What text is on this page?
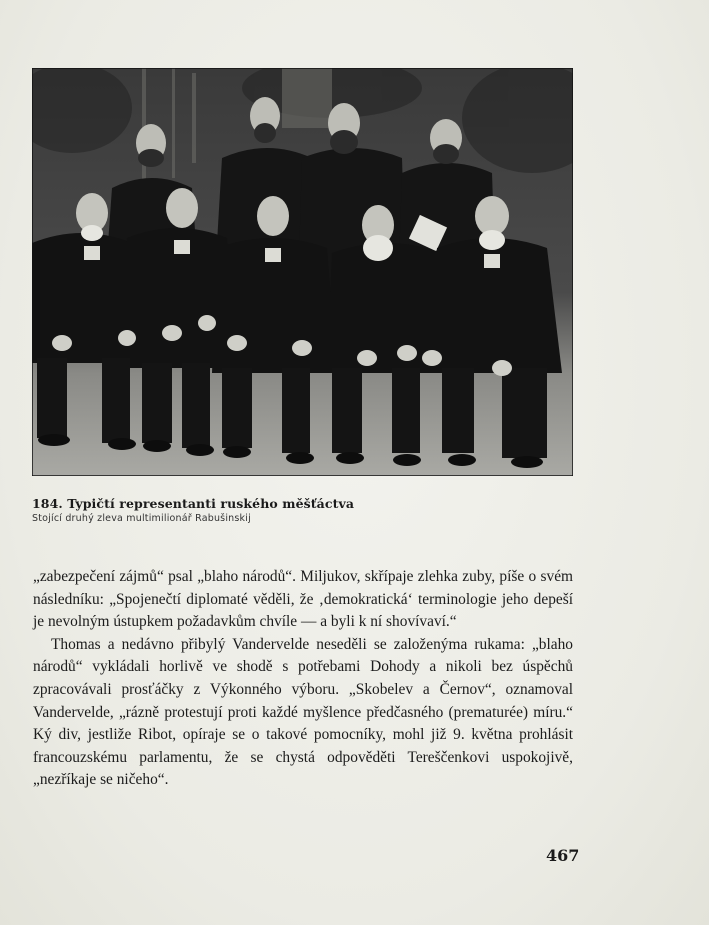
184. Typičtí representanti ruského měšťáctva
Stojící druhý zleva multimilionář Rabušinskij

„zabezpečení zájmů“ psal „blaho národů“. Miljukov, skřípaje zlehka zuby, píše o svém následníku: „Spojenečtí diplomaté věděli, že ‚demokratická‘ terminologie jeho depeší je nevolným ústupkem požadavkům chvíle — a byli k ní shovívaví.“

Thomas a nedávno přibylý Vandervelde neseděli se založenýma rukama: „blaho národů“ vykládali horlivě ve shodě s potřebami Dohody a nikoli bez úspěchů zpracovávali prosťáčky z Výkonného výboru. „Skobelev a Černov“, oznamoval Vandervelde, „rázně protestují proti každé myšlence předčasného (prematurée) míru.“ Ký div, jestliže Ribot, opíraje se o takové pomocníky, mohl již 9. května prohlásit francouzskému parlamentu, že se chystá odpověděti Tereščenkovi uspokojivě, „nezříkaje se ničeho“.

467
